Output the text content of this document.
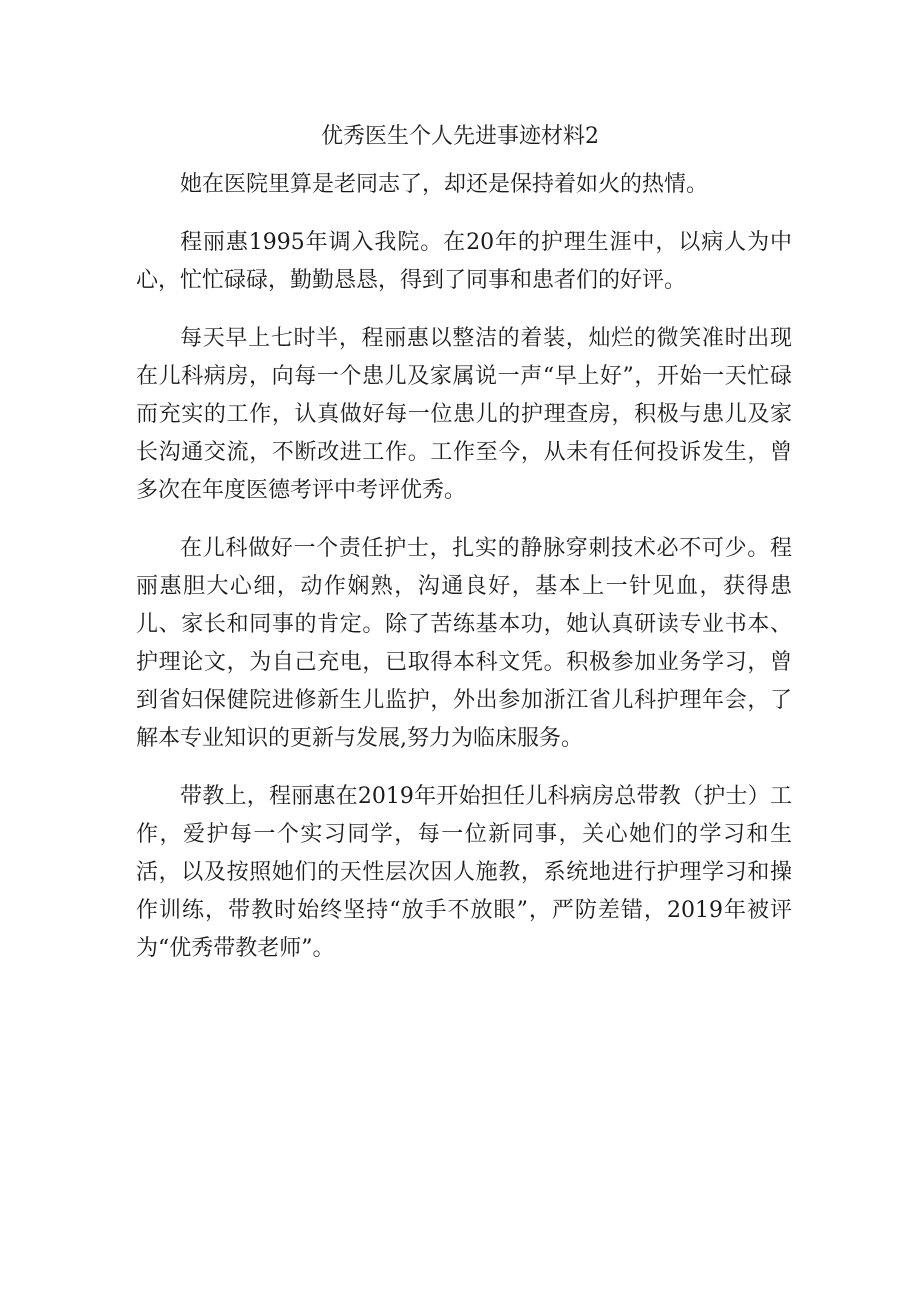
优秀医生个人先进事迹材料2

她在医院里算是老同志了，却还是保持着如火的热情。

程丽惠1995年调入我院。在20年的护理生涯中，以病人为中心，忙忙碌碌，勤勤恳恳，得到了同事和患者们的好评。

每天早上七时半，程丽惠以整洁的着装，灿烂的微笑准时出现在儿科病房，向每一个患儿及家属说一声“早上好”，开始一天忙碌而充实的工作，认真做好每一位患儿的护理查房，积极与患儿及家长沟通交流，不断改进工作。工作至今，从未有任何投诉发生，曾多次在年度医德考评中考评优秀。

在儿科做好一个责任护士，扎实的静脉穿刺技术必不可少。程丽惠胆大心细，动作娴熟，沟通良好，基本上一针见血，获得患儿、家长和同事的肯定。除了苦练基本功，她认真研读专业书本、护理论文，为自己充电，已取得本科文凭。积极参加业务学习，曾到省妇保健院进修新生儿监护，外出参加浙江省儿科护理年会，了解本专业知识的更新与发展,努力为临床服务。

带教上，程丽惠在2019年开始担任儿科病房总带教（护士）工作，爱护每一个实习同学，每一位新同事，关心她们的学习和生活，以及按照她们的天性层次因人施教，系统地进行护理学习和操作训练，带教时始终坚持“放手不放眼”，严防差错，2019年被评为“优秀带教老师”。
